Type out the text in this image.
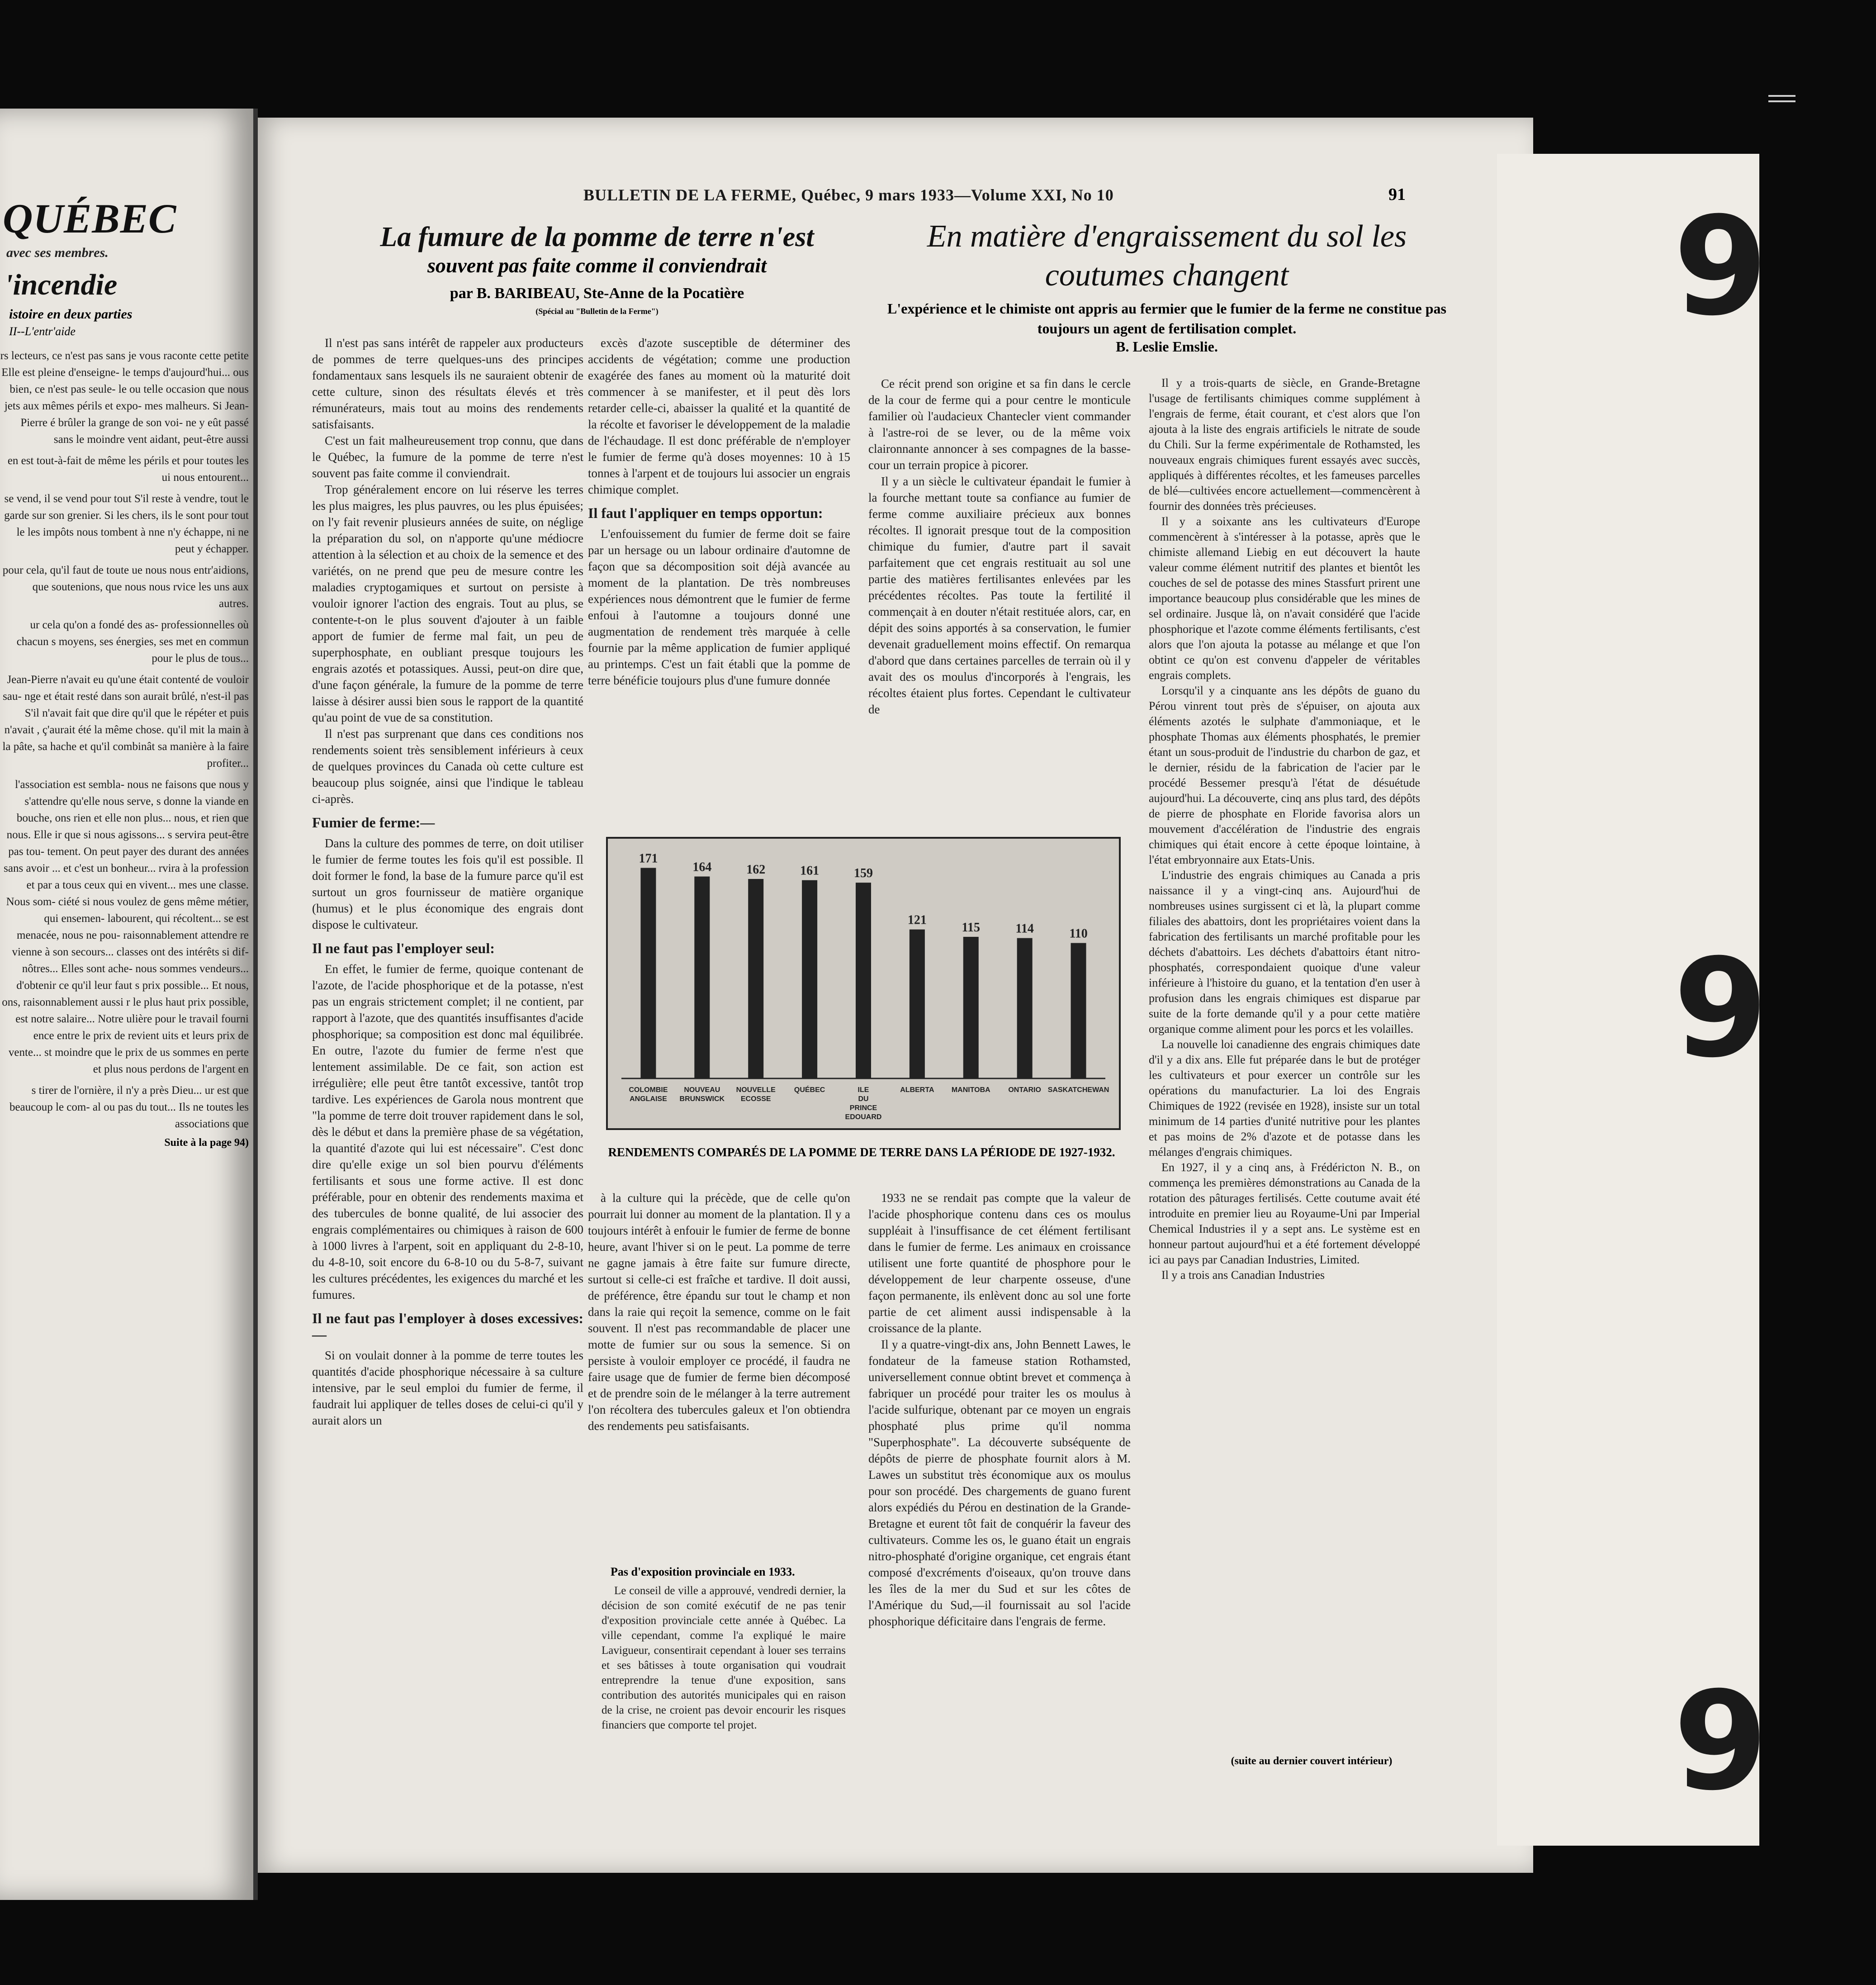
QUÉBEC
avec ses membres.
'incendie
istoire en deux parties
II--L'entr'aide

rs lecteurs, ce n'est pas sans je vous raconte cette petite Elle est pleine d'enseigne- le temps d'aujourd'hui... ous bien, ce n'est pas seule- le ou telle occasion que nous jets aux mêmes périls et expo- mes malheurs. Si Jean-Pierre é brûler la grange de son voi- ne y eût passé sans le moindre vent aidant, peut-être aussi

en est tout-à-fait de même les périls et pour toutes les ui nous entourent...

se vend, il se vend pour tout S'il reste à vendre, tout le garde sur son grenier. Si les chers, ils le sont pour tout le les impôts nous tombent à nne n'y échappe, ni ne peut y échapper.

pour cela, qu'il faut de toute ue nous nous entr'aidions, que soutenions, que nous nous rvice les uns aux autres.

ur cela qu'on a fondé des as- professionnelles où chacun s moyens, ses énergies, ses met en commun pour le plus de tous...

Jean-Pierre n'avait eu qu'une était contenté de vouloir sau- nge et était resté dans son aurait brûlé, n'est-il pas S'il n'avait fait que dire qu'il que le répéter et puis n'avait , ç'aurait été la même chose. qu'il mit la main à la pâte, sa hache et qu'il combinât sa manière à la faire profiter...

l'association est sembla- nous ne faisons que nous y s'attendre qu'elle nous serve, s donne la viande en bouche, ons rien et elle non plus... nous, et rien que nous. Elle ir que si nous agissons... s servira peut-être pas tou- tement. On peut payer des durant des années sans avoir ... et c'est un bonheur... rvira à la profession et par a tous ceux qui en vivent... mes une classe. Nous som- ciété si nous voulez de gens même métier, qui ensemen- labourent, qui récoltent... se est menacée, nous ne pou- raisonnablement attendre re vienne à son secours... classes ont des intérêts si dif- nôtres... Elles sont ache- nous sommes vendeurs... d'obtenir ce qu'il leur faut s prix possible... Et nous, ons, raisonnablement aussi r le plus haut prix possible, est notre salaire... Notre ulière pour le travail fourni ence entre le prix de revient uits et leurs prix de vente... st moindre que le prix de us sommes en perte et plus nous perdons de l'argent en

s tirer de l'ornière, il n'y a près Dieu... ur est que beaucoup le com- al ou pas du tout... Ils ne toutes les associations que

Suite à la page 94)
BULLETIN DE LA FERME, Québec, 9 mars 1933—Volume XXI, No 10	91
La fumure de la pomme de terre n'est
souvent pas faite comme il conviendrait
par B. BARIBEAU, Ste-Anne de la Pocatière
(Spécial au "Bulletin de la Ferme")
En matière d'engraissement du sol les coutumes changent
L'expérience et le chimiste ont appris au fermier que le fumier de la ferme ne constitue pas toujours un agent de fertilisation complet.
B. Leslie Emslie.

Il n'est pas sans intérêt de rappeler aux producteurs de pommes de terre quelques-uns des principes fondamentaux sans lesquels ils ne sauraient obtenir de cette culture, sinon des résultats élevés et très rémunérateurs, mais tout au moins des rendements satisfaisants.

C'est un fait malheureusement trop connu, que dans le Québec, la fumure de la pomme de terre n'est souvent pas faite comme il conviendrait.

Trop généralement encore on lui réserve les terres les plus maigres, les plus pauvres, ou les plus épuisées; on l'y fait revenir plusieurs années de suite, on néglige la préparation du sol, on n'apporte qu'une médiocre attention à la sélection et au choix de la semence et des variétés, on ne prend que peu de mesure contre les maladies cryptogamiques et surtout on persiste à vouloir ignorer l'action des engrais. Tout au plus, se contente-t-on le plus souvent d'ajouter à un faible apport de fumier de ferme mal fait, un peu de superphosphate, en oubliant presque toujours les engrais azotés et potassiques. Aussi, peut-on dire que, d'une façon générale, la fumure de la pomme de terre laisse à désirer aussi bien sous le rapport de la quantité qu'au point de vue de sa constitution.

Il n'est pas surprenant que dans ces conditions nos rendements soient très sensiblement inférieurs à ceux de quelques provinces du Canada où cette culture est beaucoup plus soignée, ainsi que l'indique le tableau ci-après.

Fumier de ferme:—

Dans la culture des pommes de terre, on doit utiliser le fumier de ferme toutes les fois qu'il est possible. Il doit former le fond, la base de la fumure parce qu'il est surtout un gros fournisseur de matière organique (humus) et le plus économique des engrais dont dispose le cultivateur.

Il ne faut pas l'employer seul:

En effet, le fumier de ferme, quoique contenant de l'azote, de l'acide phosphorique et de la potasse, n'est pas un engrais strictement complet; il ne contient, par rapport à l'azote, que des quantités insuffisantes d'acide phosphorique; sa composition est donc mal équilibrée. En outre, l'azote du fumier de ferme n'est que lentement assimilable. De ce fait, son action est irrégulière; elle peut être tantôt excessive, tantôt trop tardive. Les expériences de Garola nous montrent que "la pomme de terre doit trouver rapidement dans le sol, dès le début et dans la première phase de sa végétation, la quantité d'azote qui lui est nécessaire". C'est donc dire qu'elle exige un sol bien pourvu d'éléments fertilisants et sous une forme active. Il est donc préférable, pour en obtenir des rendements maxima et des tubercules de bonne qualité, de lui associer des engrais complémentaires ou chimiques à raison de 600 à 1000 livres à l'arpent, soit en appliquant du 2-8-10, du 4-8-10, soit encore du 6-8-10 ou du 5-8-7, suivant les cultures précédentes, les exigences du marché et les fumures.

Il ne faut pas l'employer à doses excessives:—

Si on voulait donner à la pomme de terre toutes les quantités d'acide phosphorique nécessaire à sa culture intensive, par le seul emploi du fumier de ferme, il faudrait lui appliquer de telles doses de celui-ci qu'il y aurait alors un

excès d'azote susceptible de déterminer des accidents de végétation; comme une production exagérée des fanes au moment où la maturité doit commencer à se manifester, et il peut dès lors retarder celle-ci, abaisser la qualité et la quantité de la récolte et favoriser le développement de la maladie de l'échaudage. Il est donc préférable de n'employer le fumier de ferme qu'à doses moyennes: 10 à 15 tonnes à l'arpent et de toujours lui associer un engrais chimique complet.

Il faut l'appliquer en temps opportun:

L'enfouissement du fumier de ferme doit se faire par un hersage ou un labour ordinaire d'automne de façon que sa décomposition soit déjà avancée au moment de la plantation. De très nombreuses expériences nous démontrent que le fumier de ferme enfoui à l'automne a toujours donné une augmentation de rendement très marquée à celle fournie par la même application de fumier appliqué au printemps. C'est un fait établi que la pomme de terre bénéficie toujours plus d'une fumure donnée

à la culture qui la précède, que de celle qu'on pourrait lui donner au moment de la plantation. Il y a toujours intérêt à enfouir le fumier de ferme de bonne heure, avant l'hiver si on le peut. La pomme de terre ne gagne jamais à être faite sur fumure directe, surtout si celle-ci est fraîche et tardive. Il doit aussi, de préférence, être épandu sur tout le champ et non dans la raie qui reçoit la semence, comme on le fait souvent. Il n'est pas recommandable de placer une motte de fumier sur ou sous la semence. Si on persiste à vouloir employer ce procédé, il faudra ne faire usage que de fumier de ferme bien décomposé et de prendre soin de le mélanger à la terre autrement l'on récoltera des tubercules galeux et l'on obtiendra des rendements peu satisfaisants.

Ce récit prend son origine et sa fin dans le cercle de la cour de ferme qui a pour centre le monticule familier où l'audacieux Chantecler vient commander à l'astre-roi de se lever, ou de la même voix claironnante annoncer à ses compagnes de la basse-cour un terrain propice à picorer.

Il y a un siècle le cultivateur épandait le fumier à la fourche mettant toute sa confiance au fumier de ferme comme auxiliaire précieux aux bonnes récoltes. Il ignorait presque tout de la composition chimique du fumier, d'autre part il savait parfaitement que cet engrais restituait au sol une partie des matières fertilisantes enlevées par les précédentes récoltes. Pas toute la fertilité il commençait à en douter n'était restituée alors, car, en dépit des soins apportés à sa conservation, le fumier devenait graduellement moins effectif. On remarqua d'abord que dans certaines parcelles de terrain où il y avait des os moulus d'incorporés à l'engrais, les récoltes étaient plus fortes. Cependant le cultivateur de

1933 ne se rendait pas compte que la valeur de l'acide phosphorique contenu dans ces os moulus suppléait à l'insuffisance de cet élément fertilisant dans le fumier de ferme. Les animaux en croissance utilisent une forte quantité de phosphore pour le développement de leur charpente osseuse, d'une façon permanente, ils enlèvent donc au sol une forte partie de cet aliment aussi indispensable à la croissance de la plante.

Il y a quatre-vingt-dix ans, John Bennett Lawes, le fondateur de la fameuse station Rothamsted, universellement connue obtint brevet et commença à fabriquer un procédé pour traiter les os moulus à l'acide sulfurique, obtenant par ce moyen un engrais phosphaté plus prime qu'il nomma "Superphosphate". La découverte subséquente de dépôts de pierre de phosphate fournit alors à M. Lawes un substitut très économique aux os moulus pour son procédé. Des chargements de guano furent alors expédiés du Pérou en destination de la Grande-Bretagne et eurent tôt fait de conquérir la faveur des cultivateurs. Comme les os, le guano était un engrais nitro-phosphaté d'origine organique, cet engrais étant composé d'excréments d'oiseaux, qu'on trouve dans les îles de la mer du Sud et sur les côtes de l'Amérique du Sud,—il fournissait au sol l'acide phosphorique déficitaire dans l'engrais de ferme.

Il y a trois-quarts de siècle, en Grande-Bretagne l'usage de fertilisants chimiques comme supplément à l'engrais de ferme, était courant, et c'est alors que l'on ajouta à la liste des engrais artificiels le nitrate de soude du Chili. Sur la ferme expérimentale de Rothamsted, les nouveaux engrais chimiques furent essayés avec succès, appliqués à différentes récoltes, et les fameuses parcelles de blé—cultivées encore actuellement—commencèrent à fournir des données très précieuses.

Il y a soixante ans les cultivateurs d'Europe commencèrent à s'intéresser à la potasse, après que le chimiste allemand Liebig en eut découvert la haute valeur comme élément nutritif des plantes et bientôt les couches de sel de potasse des mines Stassfurt prirent une importance beaucoup plus considérable que les mines de sel ordinaire. Jusque là, on n'avait considéré que l'acide phosphorique et l'azote comme éléments fertilisants, c'est alors que l'on ajouta la potasse au mélange et que l'on obtint ce qu'on est convenu d'appeler de véritables engrais complets.

Lorsqu'il y a cinquante ans les dépôts de guano du Pérou vinrent tout près de s'épuiser, on ajouta aux éléments azotés le sulphate d'ammoniaque, et le phosphate Thomas aux éléments phosphatés, le premier étant un sous-produit de l'industrie du charbon de gaz, et le dernier, résidu de la fabrication de l'acier par le procédé Bessemer presqu'à l'état de désuétude aujourd'hui. La découverte, cinq ans plus tard, des dépôts de pierre de phosphate en Floride favorisa alors un mouvement d'accélération de l'industrie des engrais chimiques qui était encore à cette époque lointaine, à l'état embryonnaire aux Etats-Unis.

L'industrie des engrais chimiques au Canada a pris naissance il y a vingt-cinq ans. Aujourd'hui de nombreuses usines surgissent ci et là, la plupart comme filiales des abattoirs, dont les propriétaires voient dans la fabrication des fertilisants un marché profitable pour les déchets d'abattoirs. Les déchets d'abattoirs étant nitro-phosphatés, correspondaient quoique d'une valeur inférieure à l'histoire du guano, et la tentation d'en user à profusion dans les engrais chimiques est disparue par suite de la forte demande qu'il y a pour cette matière organique comme aliment pour les porcs et les volailles.

La nouvelle loi canadienne des engrais chimiques date d'il y a dix ans. Elle fut préparée dans le but de protéger les cultivateurs et pour exercer un contrôle sur les opérations du manufacturier. La loi des Engrais Chimiques de 1922 (revisée en 1928), insiste sur un total minimum de 14 parties d'unité nutritive pour les plantes et pas moins de 2% d'azote et de potasse dans les mélanges d'engrais chimiques.

En 1927, il y a cinq ans, à Frédéricton N. B., on commença les premières démonstrations au Canada de la rotation des pâturages fertilisés. Cette coutume avait été introduite en premier lieu au Royaume-Uni par Imperial Chemical Industries il y a sept ans. Le système est en honneur partout aujourd'hui et a été fortement développé ici au pays par Canadian Industries, Limited.

Il y a trois ans Canadian Industries

(suite au dernier couvert intérieur)
171
COLOMBIE ANGLAISE
164
NOUVEAU BRUNSWICK
162
NOUVELLE ECOSSE
161
QUÉBEC
159
ILE DU PRINCE EDOUARD
121
ALBERTA
115
MANITOBA
114
ONTARIO
110
SASKATCHEWAN
RENDEMENTS COMPARÉS DE LA POMME DE TERRE DANS LA PÉRIODE DE 1927-1932.
Pas d'exposition provinciale en 1933.

Le conseil de ville a approuvé, vendredi dernier, la décision de son comité exécutif de ne pas tenir d'exposition provinciale cette année à Québec. La ville cependant, comme l'a expliqué le maire Lavigueur, consentirait cependant à louer ses terrains et ses bâtisses à toute organisation qui voudrait entreprendre la tenue d'une exposition, sans contribution des autorités municipales qui en raison de la crise, ne croient pas devoir encourir les risques financiers que comporte tel projet.

9
9
9
